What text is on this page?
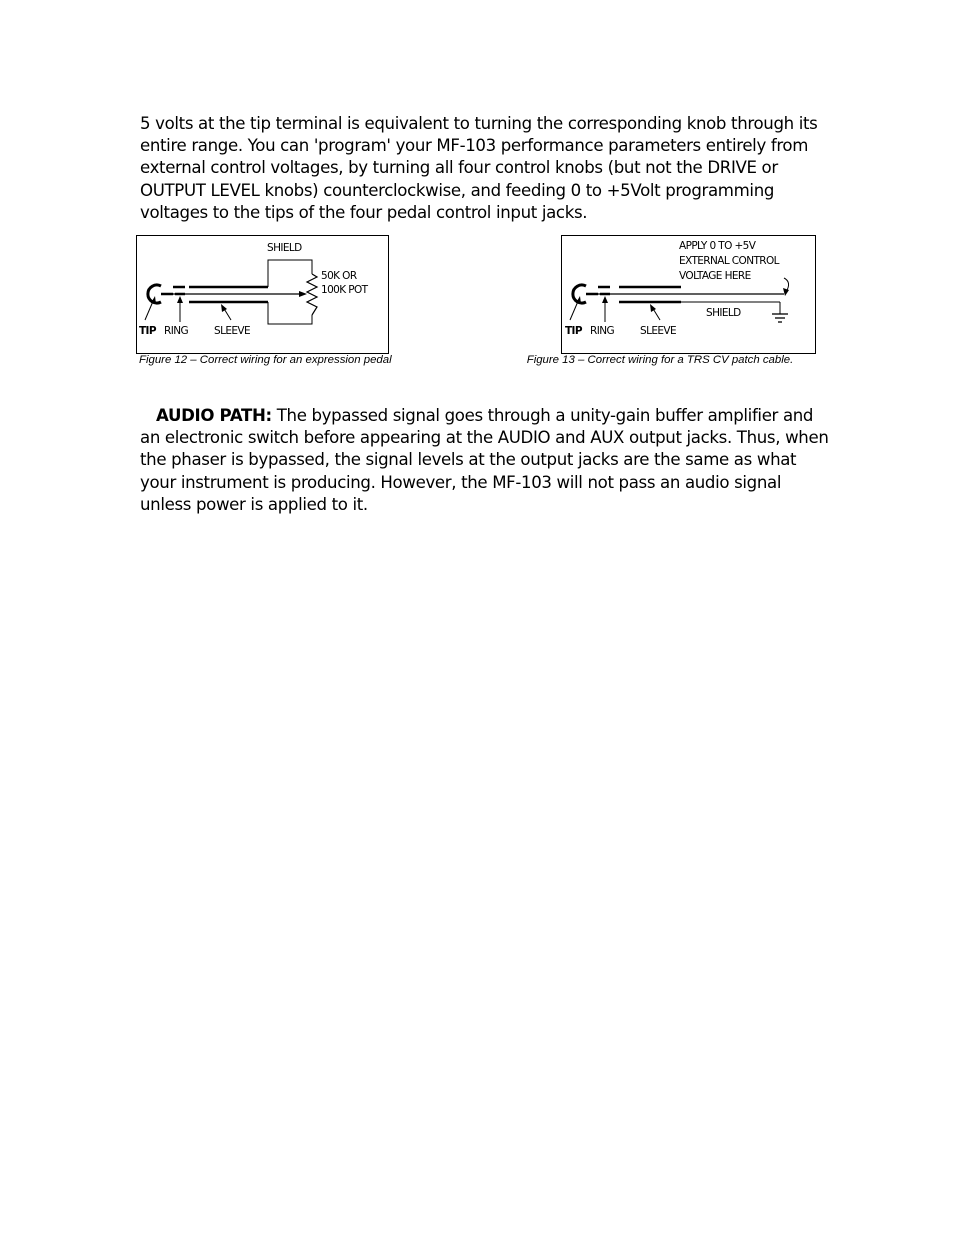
5 volts at the tip terminal is equivalent to turning the corresponding knob through its entire range. You can 'program' your MF-103 performance parameters entirely from external control voltages, by turning all four control knobs (but not the DRIVE or OUTPUT LEVEL knobs) counterclockwise, and feeding 0 to +5Volt programming voltages to the tips of the four pedal control input jacks.

SHIELD
50K OR
100K POT
TIP RING SLEEVE

Figure 12 – Correct wiring for an expression pedal

APPLY 0 TO +5V
EXTERNAL CONTROL
VOLTAGE HERE
SHIELD
TIP RING SLEEVE

Figure 13 – Correct wiring for a TRS CV patch cable.

AUDIO PATH: The bypassed signal goes through a unity-gain buffer amplifier and an electronic switch before appearing at the AUDIO and AUX output jacks. Thus, when the phaser is bypassed, the signal levels at the output jacks are the same as what your instrument is producing. However, the MF-103 will not pass an audio signal unless power is applied to it.
